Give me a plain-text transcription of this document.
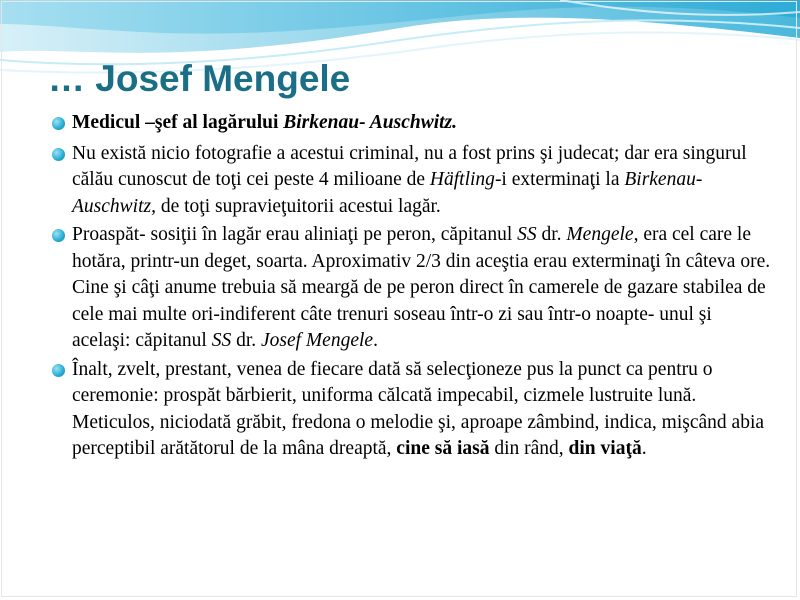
… Josef Mengele
Medicul –şef al lagărului Birkenau- Auschwitz.
Nu există nicio fotografie a acestui criminal, nu a fost prins şi judecat; dar era singurul călău cunoscut de toţi cei peste 4 milioane de Häftling-i exterminaţi la Birkenau- Auschwitz, de toţi supravieţuitorii acestui lagăr.
Proaspăt- sosiţii în lagăr erau aliniaţi pe peron, căpitanul SS dr. Mengele, era cel care le hotăra, printr-un deget, soarta. Aproximativ 2/3 din aceştia erau exterminaţi în câteva ore. Cine şi câţi anume trebuia să meargă de pe peron direct în camerele de gazare stabilea de cele mai multe ori-indiferent câte trenuri soseau într-o zi sau într-o noapte- unul şi acelaşi: căpitanul SS dr. Josef Mengele.
Înalt, zvelt, prestant, venea de fiecare dată să selecţioneze pus la punct ca pentru o ceremonie: prospăt bărbierit, uniforma călcată impecabil, cizmele lustruite lună. Meticulos, niciodată grăbit, fredona o melodie şi, aproape zâmbind, indica, mişcând abia perceptibil arătătorul de la mâna dreaptă, cine să iasă din rând, din viaţă.
